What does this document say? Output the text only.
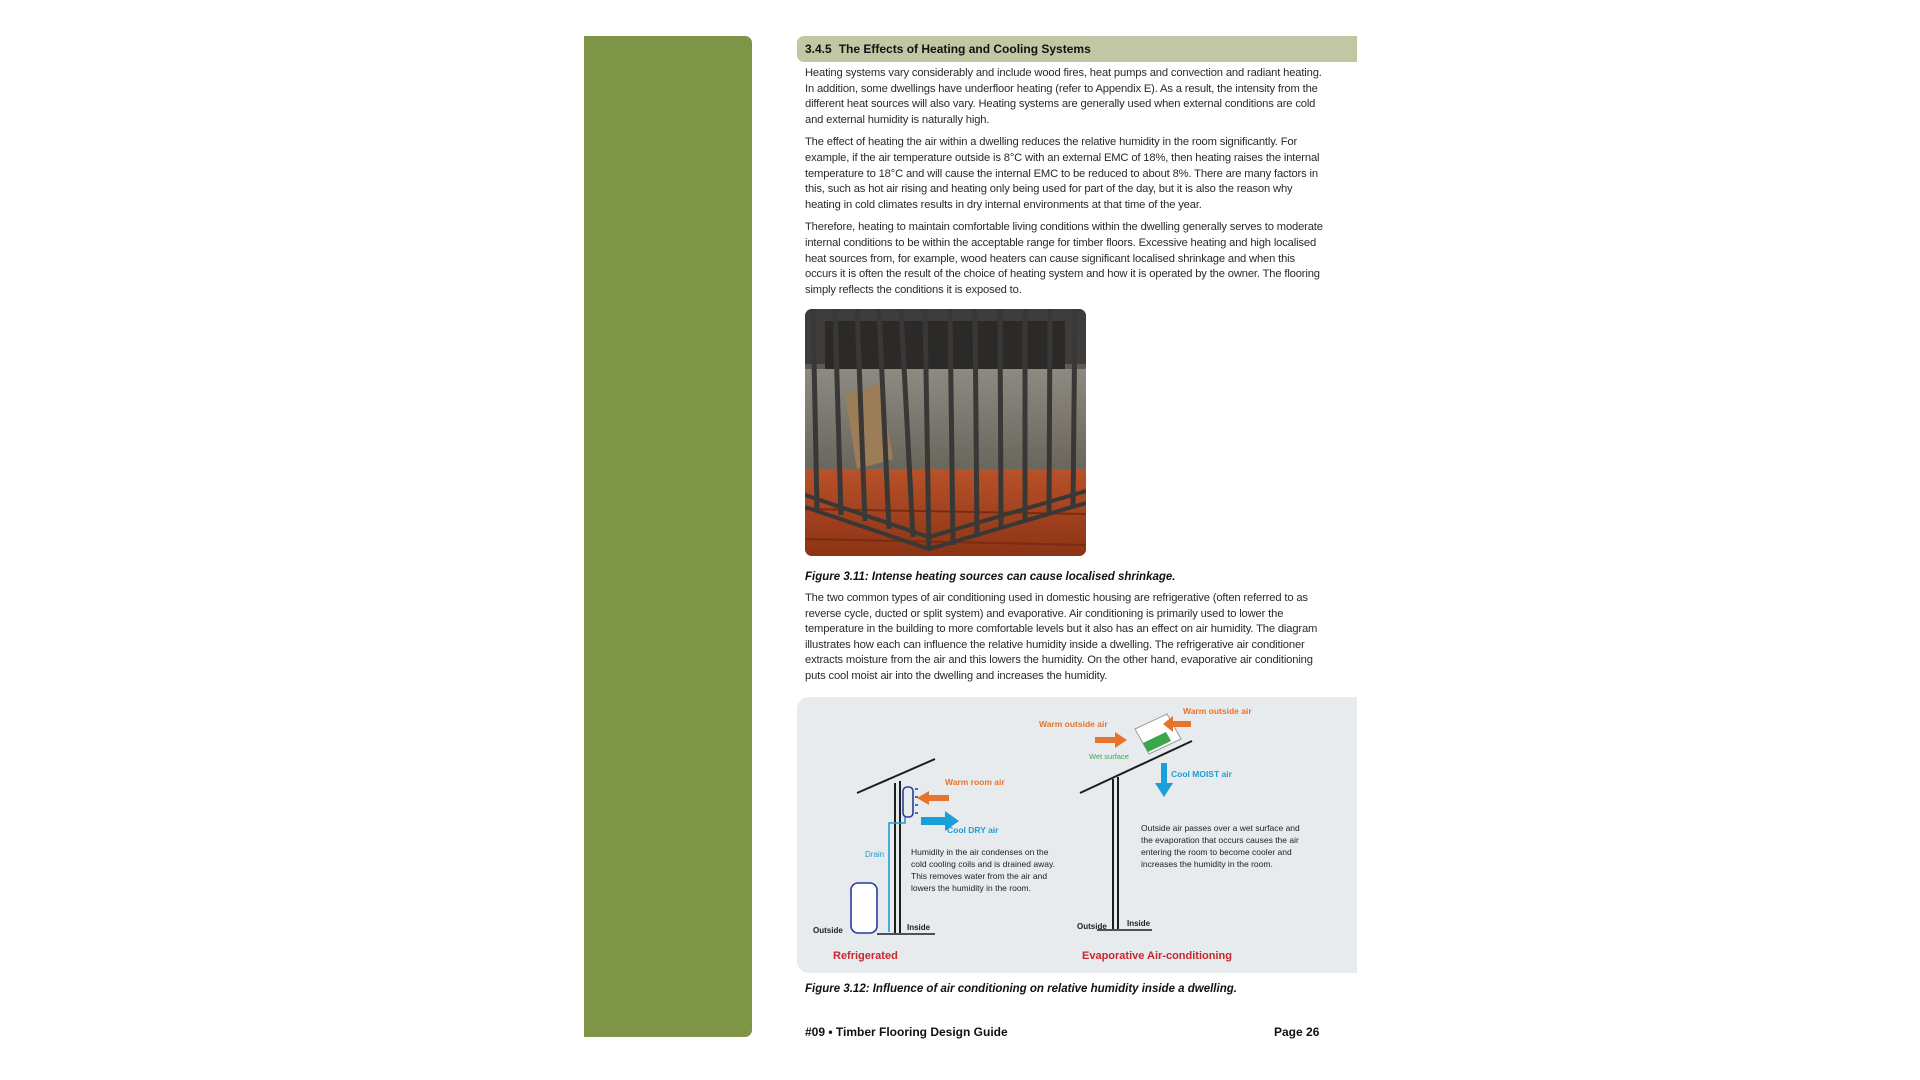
3.4.5 The Effects of Heating and Cooling Systems

Heating systems vary considerably and include wood fires, heat pumps and convection and radiant heating. In addition, some dwellings have underfloor heating (refer to Appendix E). As a result, the intensity from the different heat sources will also vary. Heating systems are generally used when external conditions are cold and external humidity is naturally high.

The effect of heating the air within a dwelling reduces the relative humidity in the room significantly. For example, if the air temperature outside is 8°C with an external EMC of 18%, then heating raises the internal temperature to 18°C and will cause the internal EMC to be reduced to about 8%. There are many factors in this, such as hot air rising and heating only being used for part of the day, but it is also the reason why heating in cold climates results in dry internal environments at that time of the year.

Therefore, heating to maintain comfortable living conditions within the dwelling generally serves to moderate internal conditions to be within the acceptable range for timber floors. Excessive heating and high localised heat sources from, for example, wood heaters can cause significant localised shrinkage and when this occurs it is often the result of the choice of heating system and how it is operated by the owner. The flooring simply reflects the conditions it is exposed to.

Figure 3.11: Intense heating sources can cause localised shrinkage.

The two common types of air conditioning used in domestic housing are refrigerative (often referred to as reverse cycle, ducted or split system) and evaporative. Air conditioning is primarily used to lower the temperature in the building to more comfortable levels but it also has an effect on air humidity. The diagram illustrates how each can influence the relative humidity inside a dwelling. The refrigerative air conditioner extracts moisture from the air and this lowers the humidity. On the other hand, evaporative air conditioning puts cool moist air into the dwelling and increases the humidity.

Warm room air
Cool DRY air
Drain	Humidity in the air condenses on the
cold cooling coils and is drained away.
This removes water from the air and
lowers the humidity in the room.
Outside	Inside
Refrigerated
Warm outside air
Warm outside air
Wet surface
Cool MOIST air
Outside air passes over a wet surface and
the evaporation that occurs causes the air
entering the room to become cooler and
increases the humidity in the room.
Outside	Inside
Evaporative Air-conditioning
Figure 3.12: Influence of air conditioning on relative humidity inside a dwelling.
#09 • Timber Flooring Design Guide	Page 26
